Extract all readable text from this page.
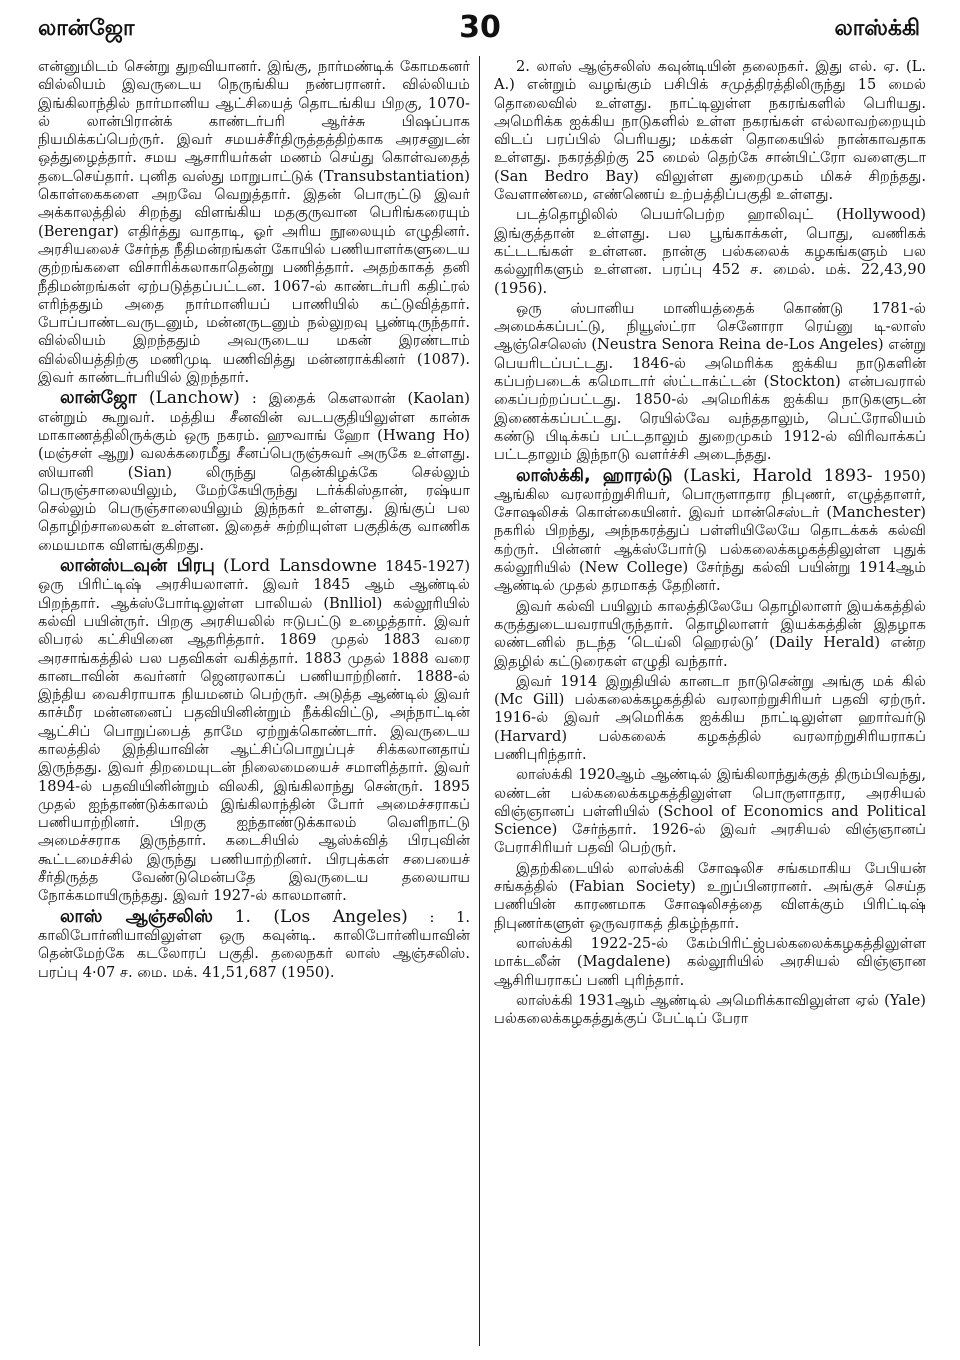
லான்ஜோ	30	லாஸ்க்கி

என்னுமிடம் சென்று துறவியானர். இங்கு, நார்மண்டிக் கோமகனர் வில்லியம் இவருடைய நெருங்கிய நண்பரானர். வில்லியம் இங்கிலாந்தில் நார்மானிய ஆட்சியைத் தொடங்கிய பிறகு, 1070-ல் லான்பிரான்க் காண்டர்பரி ஆர்ச்சு பிஷப்பாக நியமிக்கப்பெற்ருர். இவர் சமயச்சீர்திருத்தத்திற்காக அரசனுடன் ஒத்துழைத்தார். சமய ஆசாரியர்கள் மணம் செய்து கொள்வதைத் தடைசெய்தார். புனித வஸ்து மாறுபாட்டுக் (Transubstantiation) கொள்கைகளை அறவே வெறுத்தார். இதன் பொருட்டு இவர் அக்காலத்தில் சிறந்து விளங்கிய மதகுருவான பெரிங்கரையும் (Berengar) எதிர்த்து வாதாடி, ஓர் அரிய நூலையும் எழுதினர். அரசியலைச் சேர்ந்த நீதிமன்றங்கள் கோயில் பணியாளர்களுடைய குற்றங்களை விசாரிக்கலாகாதென்று பணித்தார். அதற்காகத் தனி நீதிமன்றங்கள் ஏற்படுத்தப்பட்டன. 1067-ல் காண்டர்பரி கதிட்ரல் எரிந்ததும் அதை நார்மானியப் பாணியில் கட்டுவித்தார். போப்பாண்டவருடனும், மன்னருடனும் நல்லுறவு பூண்டிருந்தார். வில்லியம் இறந்ததும் அவருடைய மகன் இரண்டாம் வில்லியத்திற்கு மணிமுடி யணிவித்து மன்னராக்கினர் (1087). இவர் காண்டர்பரியில் இறந்தார்.

லான்ஜோ (Lanchow) : இதைக் கௌலான் (Kaolan) என்றும் கூறுவர். மத்திய சீனவின் வடபகுதியிலுள்ள கான்சு மாகாணத்திலிருக்கும் ஒரு நகரம். ஹுவாங் ஹோ (Hwang Ho) (மஞ்சள் ஆறு) வலக்கரைமீது சீனப்பெருஞ்சுவர் அருகே உள்ளது. ஸியானி (Sian) லிருந்து தென்கிழக்கே செல்லும் பெருஞ்சாலையிலும், மேற்கேயிருந்து டர்க்கிஸ்தான், ரஷ்யா செல்லும் பெருஞ்சாலையிலும் இந்நகர் உள்ளது. இங்குப் பல தொழிற்சாலைகள் உள்ளன. இதைச் சுற்றியுள்ள பகுதிக்கு வாணிக மையமாக விளங்குகிறது.

லான்ஸ்டவுன் பிரபு (Lord Lansdowne 1845-1927) ஒரு பிரிட்டிஷ் அரசியலாளர். இவர் 1845 ஆம் ஆண்டில் பிறந்தார். ஆக்ஸ்போர்டிலுள்ள பாலியல் (Bnlliol) கல்லூரியில் கல்வி பயின்ருர். பிறகு அரசியலில் ஈடுபட்டு உழைத்தார். இவர் லிபரல் கட்சியினை ஆதரித்தார். 1869 முதல் 1883 வரை அரசாங்கத்தில் பல பதவிகள் வகித்தார். 1883 முதல் 1888 வரை கானடாவின் கவர்னர் ஜெனரலாகப் பணியாற்றினர். 1888-ல் இந்திய வைசிராயாக நியமனம் பெற்ருர். அடுத்த ஆண்டில் இவர் காச்மீர மன்னனைப் பதவியினின்றும் நீக்கிவிட்டு, அந்நாட்டின் ஆட்சிப் பொறுப்பைத் தாமே ஏற்றுக்கொண்டார். இவருடைய காலத்தில் இந்தியாவின் ஆட்சிப்பொறுப்புச் சிக்கலானதாய் இருந்தது. இவர் திறமையுடன் நிலைமையைச் சமாளித்தார். இவர் 1894-ல் பதவியினின்றும் விலகி, இங்கிலாந்து சென்ருர். 1895 முதல் ஐந்தாண்டுக்காலம் இங்கிலாந்தின் போர் அமைச்சராகப் பணியாற்றினர். பிறகு ஐந்தாண்டுக்காலம் வெளிநாட்டு அமைச்சராக இருந்தார். கடைசியில் ஆஸ்க்வித் பிரபுவின் கூட்டமைச்சில் இருந்து பணியாற்றினர். பிரபுக்கள் சபையைச் சீர்திருத்த வேண்டுமென்பதே இவருடைய தலையாய நோக்கமாயிருந்தது. இவர் 1927-ல் காலமானர்.

லாஸ் ஆஞ்சலிஸ் 1. (Los Angeles) : 1. காலிபோர்னியாவிலுள்ள ஒரு கவுன்டி. காலிபோர்னியாவின் தென்மேற்கே கடலோரப் பகுதி. தலைநகர் லாஸ் ஆஞ்சலிஸ். பரப்பு 4·07 ச. மை. மக். 41,51,687 (1950).

2. லாஸ் ஆஞ்சலிஸ் கவுன்டியின் தலைநகர். இது எல். ஏ. (L. A.) என்றும் வழங்கும் பசிபிக் சமுத்திரத்திலிருந்து 15 மைல் தொலைவில் உள்ளது. நாட்டிலுள்ள நகரங்களில் பெரியது. அமெரிக்க ஐக்கிய நாடுகளில் உள்ள நகரங்கள் எல்லாவற்றையும் விடப் பரப்பில் பெரியது; மக்கள் தொகையில் நான்காவதாக உள்ளது. நகரத்திற்கு 25 மைல் தெற்கே சான்பிட்ரோ வளைகுடா (San Bedro Bay) விலுள்ள துறைமுகம் மிகச் சிறந்தது. வேளாண்மை, எண்ணெய் உற்பத்திப்பகுதி உள்ளது.

படத்தொழிலில் பெயர்பெற்ற ஹாலிவுட் (Hollywood) இங்குத்தான் உள்ளது. பல பூங்காக்கள், பொது, வணிகக் கட்டடங்கள் உள்ளன. நான்கு பல்கலைக் கழகங்களும் பல கல்லூரிகளும் உள்ளன. பரப்பு 452 ச. மைல். மக். 22,43,90 (1956).

ஒரு ஸ்பானிய மானியத்தைக் கொண்டு 1781-ல் அமைக்கப்பட்டு, நியூஸ்ட்ரா செனோரா ரெய்னு டி-லாஸ் ஆஞ்செலெஸ் (Neustra Senora Reina de-Los Angeles) என்று பெயரிடப்பட்டது. 1846-ல் அமெரிக்க ஐக்கிய நாடுகளின் கப்பற்படைக் கமொடார் ஸ்ட்டாக்ட்டன் (Stockton) என்பவரால் கைப்பற்றப்பட்டது. 1850-ல் அமெரிக்க ஐக்கிய நாடுகளுடன் இணைக்கப்பட்டது. ரெயில்வே வந்ததாலும், பெட்ரோலியம் கண்டு பிடிக்கப் பட்டதாலும் துறைமுகம் 1912-ல் விரிவாக்கப் பட்டதாலும் இந்நாடு வளர்ச்சி அடைந்தது.

லாஸ்க்கி, ஹாரல்டு (Laski, Harold 1893- 1950) ஆங்கில வரலாற்றுசிரியர், பொருளாதார நிபுணர், எழுத்தாளர், சோஷலிசக் கொள்கையினர். இவர் மான்செஸ்டர் (Manchester) நகரில் பிறந்து, அந்நகரத்துப் பள்ளியிலேயே தொடக்கக் கல்வி கற்ருர். பின்னர் ஆக்ஸ்போர்டு பல்கலைக்கழகத்திலுள்ள புதுக் கல்லூரியில் (New College) சேர்ந்து கல்வி பயின்று 1914ஆம் ஆண்டில் முதல் தரமாகத் தேறினர்.

இவர் கல்வி பயிலும் காலத்திலேயே தொழிலாளர் இயக்கத்தில் கருத்துடையவராயிருந்தார். தொழிலாளர் இயக்கத்தின் இதழாக லண்டனில் நடந்த ‘டெய்லி ஹெரல்டு’ (Daily Herald) என்ற இதழில் கட்டுரைகள் எழுதி வந்தார்.

இவர் 1914 இறுதியில் கானடா நாடுசென்று அங்கு மக் கில் (Mc Gill) பல்கலைக்கழகத்தில் வரலாற்றுசிரியர் பதவி ஏற்ருர். 1916-ல் இவர் அமெரிக்க ஐக்கிய நாட்டிலுள்ள ஹார்வர்டு (Harvard) பல்கலைக் கழகத்தில் வரலாற்றுசிரியராகப் பணிபுரிந்தார்.

லாஸ்க்கி 1920ஆம் ஆண்டில் இங்கிலாந்துக்குத் திரும்பிவந்து, லண்டன் பல்கலைக்கழகத்திலுள்ள பொருளாதார, அரசியல் விஞ்ஞானப் பள்ளியில் (School of Economics and Political Science) சேர்ந்தார். 1926-ல் இவர் அரசியல் விஞ்ஞானப் பேராசிரியர் பதவி பெற்ருர்.

இதற்கிடையில் லாஸ்க்கி சோஷலிச சங்கமாகிய பேபியன் சங்கத்தில் (Fabian Society) உறுப்பினரானர். அங்குச் செய்த பணியின் காரணமாக சோஷலிசத்தை விளக்கும் பிரிட்டிஷ் நிபுணர்களுள் ஒருவராகத் திகழ்ந்தார்.

லாஸ்க்கி 1922-25-ல் கேம்பிரிட்ஜ்பல்கலைக்கழகத்திலுள்ள மாக்டலீன் (Magdalene) கல்லூரியில் அரசியல் விஞ்ஞான ஆசிரியராகப் பணி புரிந்தார்.

லாஸ்க்கி 1931ஆம் ஆண்டில் அமெரிக்காவிலுள்ள ஏல் (Yale) பல்கலைக்கழகத்துக்குப் பேட்டிப் பேரா
